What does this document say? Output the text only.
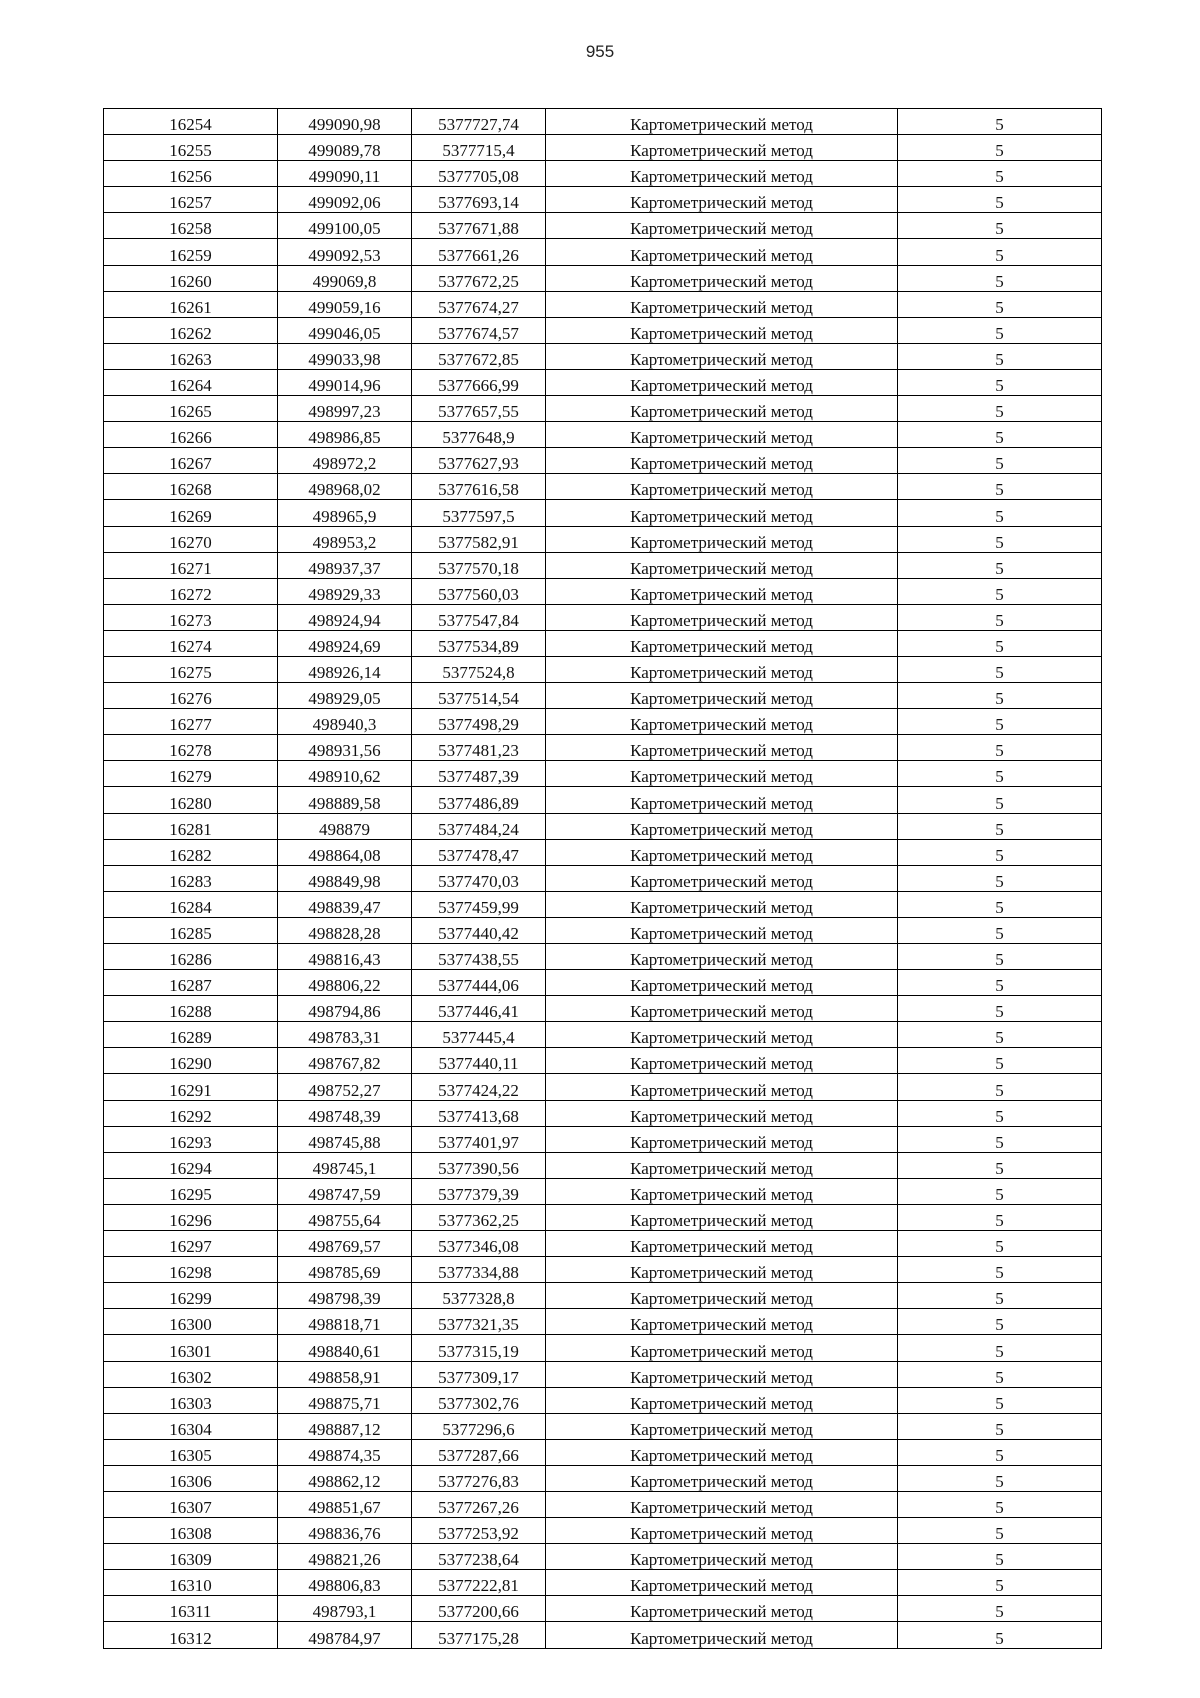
955
16254	499090,98	5377727,74	Картометрический метод	5
16255	499089,78	5377715,4	Картометрический метод	5
16256	499090,11	5377705,08	Картометрический метод	5
16257	499092,06	5377693,14	Картометрический метод	5
16258	499100,05	5377671,88	Картометрический метод	5
16259	499092,53	5377661,26	Картометрический метод	5
16260	499069,8	5377672,25	Картометрический метод	5
16261	499059,16	5377674,27	Картометрический метод	5
16262	499046,05	5377674,57	Картометрический метод	5
16263	499033,98	5377672,85	Картометрический метод	5
16264	499014,96	5377666,99	Картометрический метод	5
16265	498997,23	5377657,55	Картометрический метод	5
16266	498986,85	5377648,9	Картометрический метод	5
16267	498972,2	5377627,93	Картометрический метод	5
16268	498968,02	5377616,58	Картометрический метод	5
16269	498965,9	5377597,5	Картометрический метод	5
16270	498953,2	5377582,91	Картометрический метод	5
16271	498937,37	5377570,18	Картометрический метод	5
16272	498929,33	5377560,03	Картометрический метод	5
16273	498924,94	5377547,84	Картометрический метод	5
16274	498924,69	5377534,89	Картометрический метод	5
16275	498926,14	5377524,8	Картометрический метод	5
16276	498929,05	5377514,54	Картометрический метод	5
16277	498940,3	5377498,29	Картометрический метод	5
16278	498931,56	5377481,23	Картометрический метод	5
16279	498910,62	5377487,39	Картометрический метод	5
16280	498889,58	5377486,89	Картометрический метод	5
16281	498879	5377484,24	Картометрический метод	5
16282	498864,08	5377478,47	Картометрический метод	5
16283	498849,98	5377470,03	Картометрический метод	5
16284	498839,47	5377459,99	Картометрический метод	5
16285	498828,28	5377440,42	Картометрический метод	5
16286	498816,43	5377438,55	Картометрический метод	5
16287	498806,22	5377444,06	Картометрический метод	5
16288	498794,86	5377446,41	Картометрический метод	5
16289	498783,31	5377445,4	Картометрический метод	5
16290	498767,82	5377440,11	Картометрический метод	5
16291	498752,27	5377424,22	Картометрический метод	5
16292	498748,39	5377413,68	Картометрический метод	5
16293	498745,88	5377401,97	Картометрический метод	5
16294	498745,1	5377390,56	Картометрический метод	5
16295	498747,59	5377379,39	Картометрический метод	5
16296	498755,64	5377362,25	Картометрический метод	5
16297	498769,57	5377346,08	Картометрический метод	5
16298	498785,69	5377334,88	Картометрический метод	5
16299	498798,39	5377328,8	Картометрический метод	5
16300	498818,71	5377321,35	Картометрический метод	5
16301	498840,61	5377315,19	Картометрический метод	5
16302	498858,91	5377309,17	Картометрический метод	5
16303	498875,71	5377302,76	Картометрический метод	5
16304	498887,12	5377296,6	Картометрический метод	5
16305	498874,35	5377287,66	Картометрический метод	5
16306	498862,12	5377276,83	Картометрический метод	5
16307	498851,67	5377267,26	Картометрический метод	5
16308	498836,76	5377253,92	Картометрический метод	5
16309	498821,26	5377238,64	Картометрический метод	5
16310	498806,83	5377222,81	Картометрический метод	5
16311	498793,1	5377200,66	Картометрический метод	5
16312	498784,97	5377175,28	Картометрический метод	5
